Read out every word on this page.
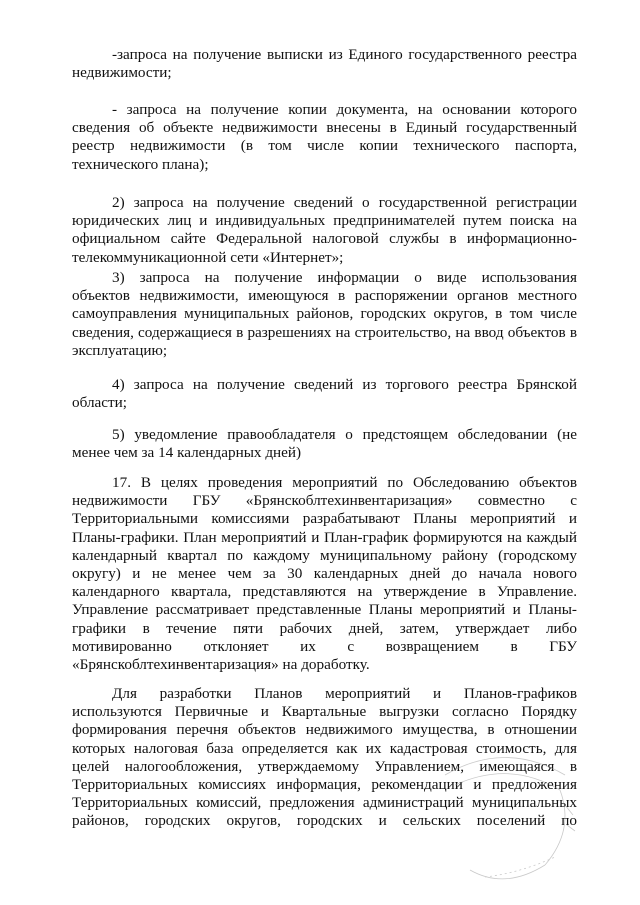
-запроса на получение выписки из Единого государственного реестра
недвижимости;
- запроса на получение копии документа, на основании которого
сведения об объекте недвижимости внесены в Единый государственный
реестр недвижимости (в том числе копии технического паспорта,
технического плана);
2) запроса на получение сведений о государственной регистрации
юридических лиц и индивидуальных предпринимателей путем поиска на
официальном сайте Федеральной налоговой службы в информационно-
телекоммуникационной сети «Интернет»;
3) запроса на получение информации о виде использования
объектов недвижимости, имеющуюся в распоряжении органов местного
самоуправления муниципальных районов, городских округов, в том числе
сведения, содержащиеся в разрешениях на строительство, на ввод объектов в
эксплуатацию;
4) запроса на получение сведений из торгового реестра Брянской
области;
5) уведомление правообладателя о предстоящем обследовании (не
менее чем за 14 календарных дней)
17. В целях проведения мероприятий по Обследованию объектов
недвижимости ГБУ «Брянскоблтехинвентаризация» совместно с
Территориальными комиссиями разрабатывают Планы мероприятий и
Планы-графики. План мероприятий и План-график формируются на каждый
календарный квартал по каждому муниципальному району (городскому
округу) и не менее чем за 30 календарных дней до начала нового
календарного квартала, представляются на утверждение в Управление.
Управление рассматривает представленные Планы мероприятий и Планы-
графики в течение пяти рабочих дней, затем, утверждает либо
мотивированно отклоняет их с возвращением в ГБУ
«Брянскоблтехинвентаризация» на доработку.
Для разработки Планов мероприятий и Планов-графиков
используются Первичные и Квартальные выгрузки согласно Порядку
формирования перечня объектов недвижимого имущества, в отношении
которых налоговая база определяется как их кадастровая стоимость, для
целей налогообложения, утверждаемому Управлением, имеющаяся в
Территориальных комиссиях информация, рекомендации и предложения
Территориальных комиссий, предложения администраций муниципальных
районов, городских округов, городских и сельских поселений по
